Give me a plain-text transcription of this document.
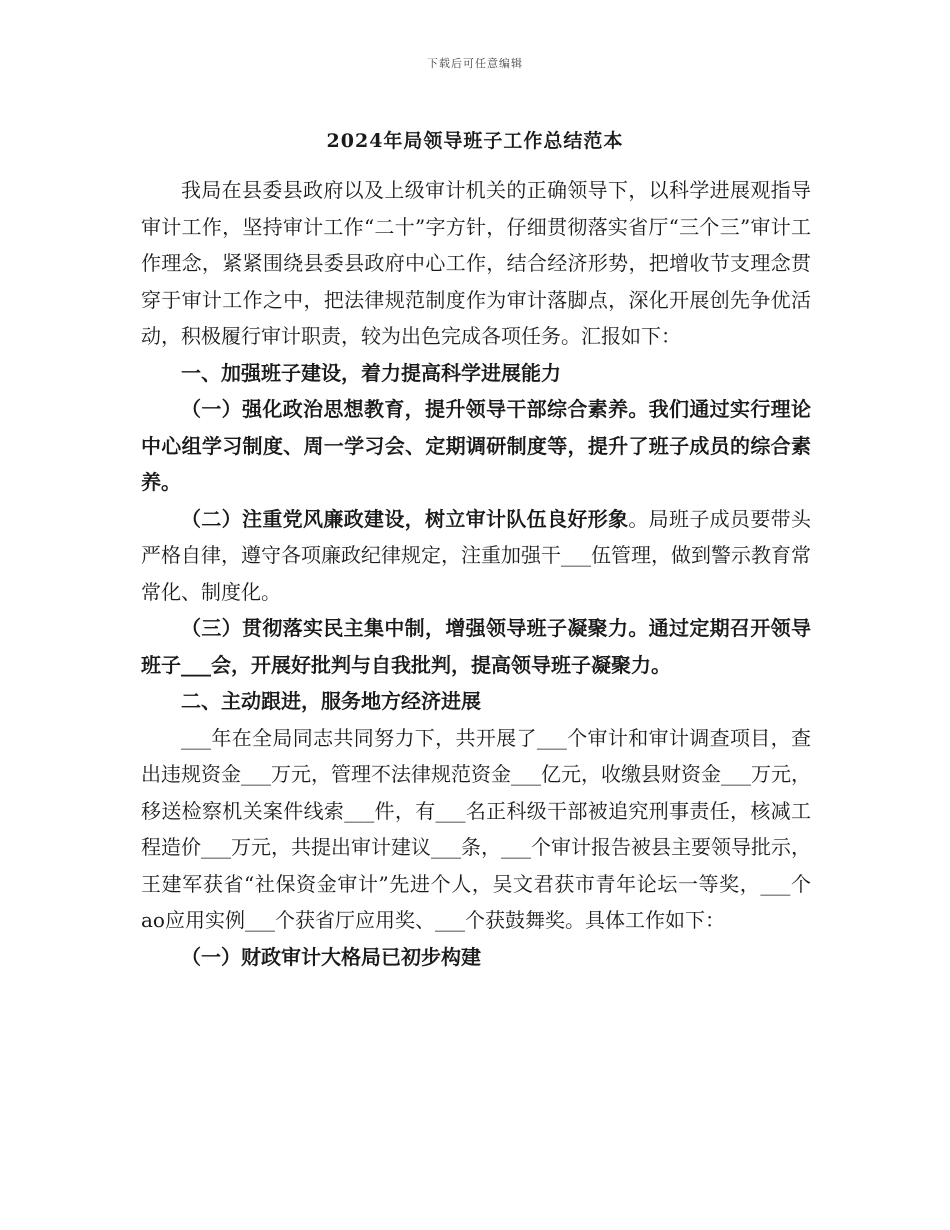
下载后可任意编辑
2024年局领导班子工作总结范本

我局在县委县政府以及上级审计机关的正确领导下，以科学进展观指导审计工作，坚持审计工作“二十”字方针，仔细贯彻落实省厅“三个三”审计工作理念，紧紧围绕县委县政府中心工作，结合经济形势，把增收节支理念贯穿于审计工作之中，把法律规范制度作为审计落脚点，深化开展创先争优活动，积极履行审计职责，较为出色完成各项任务。汇报如下：

一、加强班子建设，着力提高科学进展能力

（一）强化政治思想教育，提升领导干部综合素养。我们通过实行理论中心组学习制度、周一学习会、定期调研制度等，提升了班子成员的综合素养。

（二）注重党风廉政建设，树立审计队伍良好形象。局班子成员要带头严格自律，遵守各项廉政纪律规定，注重加强干___伍管理，做到警示教育常常化、制度化。

（三）贯彻落实民主集中制，增强领导班子凝聚力。通过定期召开领导班子___会，开展好批判与自我批判，提高领导班子凝聚力。

二、主动跟进，服务地方经济进展

___年在全局同志共同努力下，共开展了___个审计和审计调查项目，查出违规资金___万元，管理不法律规范资金___亿元，收缴县财资金___万元，移送检察机关案件线索___件，有___名正科级干部被追究刑事责任，核减工程造价___万元，共提出审计建议___条，___个审计报告被县主要领导批示，王建军获省“社保资金审计”先进个人，吴文君获市青年论坛一等奖，___个ao应用实例___个获省厅应用奖、___个获鼓舞奖。具体工作如下：

（一）财政审计大格局已初步构建
